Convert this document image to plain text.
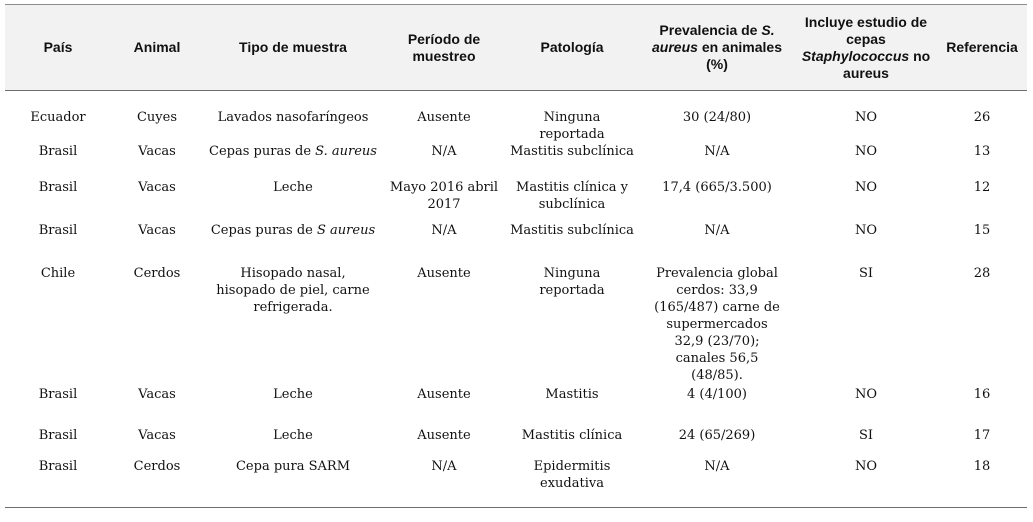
País	Animal	Tipo de muestra	Período de muestreo	Patología	Prevalencia de S. aureus en animales (%)	Incluye estudio de cepas Staphylococcus no aureus	Referencia
Ecuador	Cuyes	Lavados nasofaríngeos	Ausente	Ninguna reportada	30 (24/80)	NO	26
Brasil	Vacas	Cepas puras de S. aureus	N/A	Mastitis subclínica	N/A	NO	13
Brasil	Vacas	Leche	Mayo 2016 abril 2017	Mastitis clínica y subclínica	17,4 (665/3.500)	NO	12
Brasil	Vacas	Cepas puras de S aureus	N/A	Mastitis subclínica	N/A	NO	15
Chile	Cerdos	Hisopado nasal, hisopado de piel, carne refrigerada.	Ausente	Ninguna reportada	Prevalencia global cerdos: 33,9 (165/487) carne de supermercados 32,9 (23/70); canales 56,5 (48/85).	SI	28
Brasil	Vacas	Leche	Ausente	Mastitis	4 (4/100)	NO	16
Brasil	Vacas	Leche	Ausente	Mastitis clínica	24 (65/269)	SI	17
Brasil	Cerdos	Cepa pura SARM	N/A	Epidermitis exudativa	N/A	NO	18
